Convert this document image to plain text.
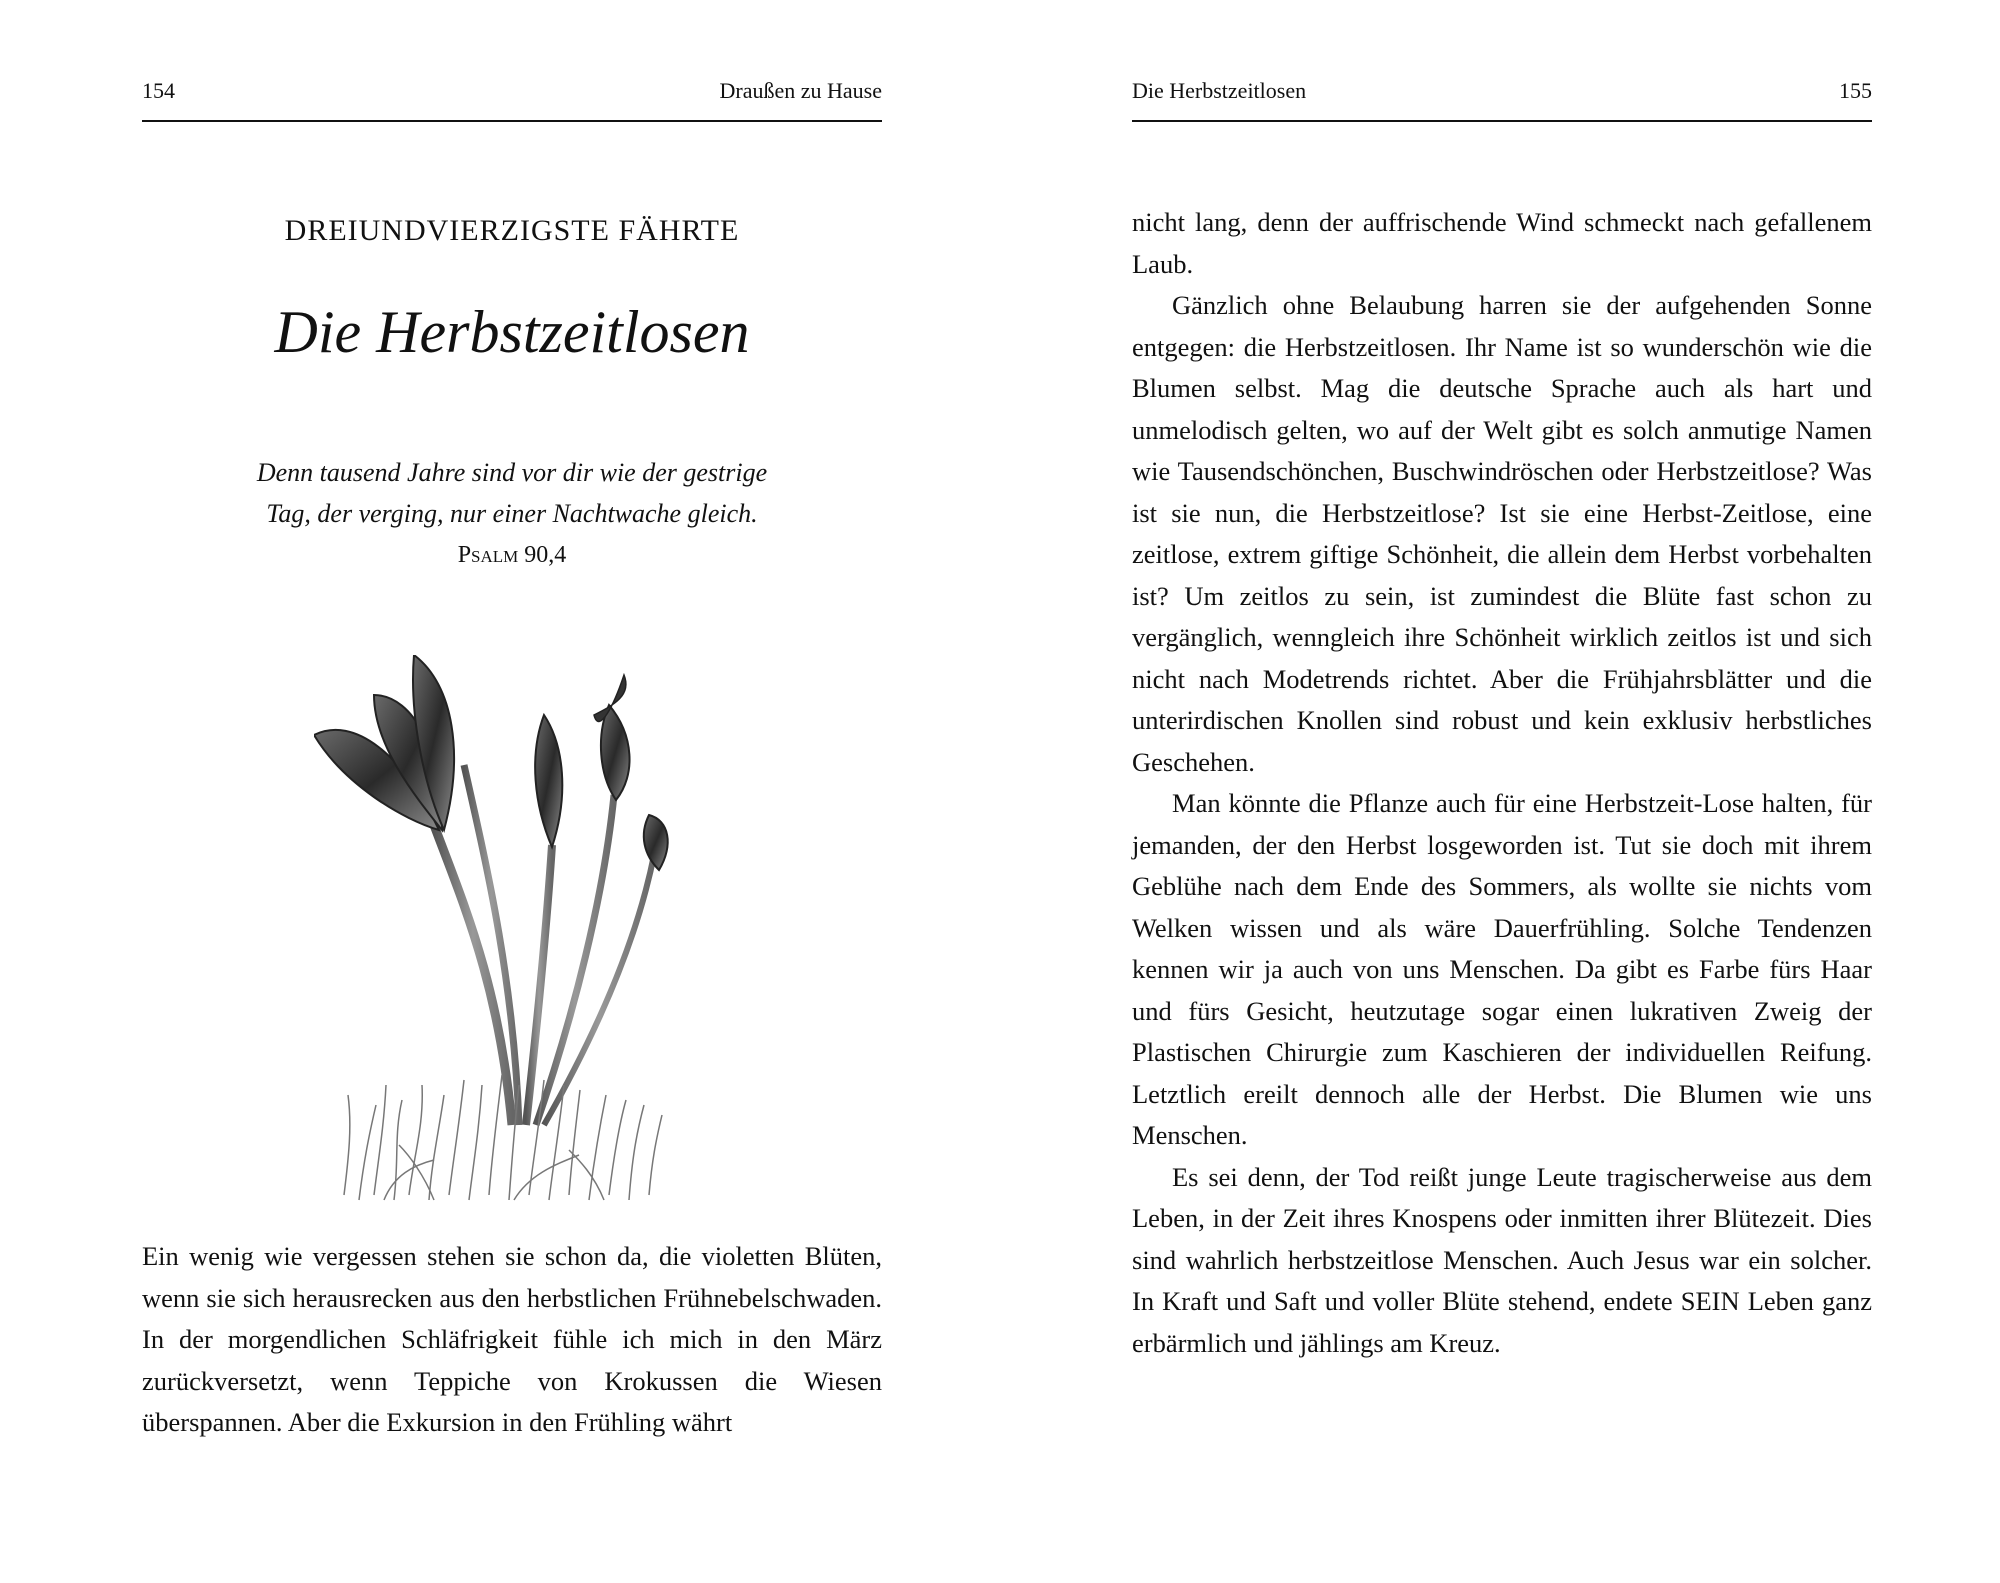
154	Draußen zu Hause
DREIUNDVIERZIGSTE FÄHRTE
Die Herbstzeitlosen
Denn tausend Jahre sind vor dir wie der gestrige
Tag, der verging, nur einer Nachtwache gleich.
Psalm 90,4

Ein wenig wie vergessen stehen sie schon da, die violetten Blüten, wenn sie sich herausrecken aus den herbstlichen Frühnebelschwaden. In der morgendlichen Schläfrigkeit fühle ich mich in den März zurückversetzt, wenn Teppiche von Krokussen die Wiesen überspannen. Aber die Exkursion in den Frühling währt

Die Herbstzeitlosen	155

nicht lang, denn der auffrischende Wind schmeckt nach gefallenem Laub.

Gänzlich ohne Belaubung harren sie der aufgehenden Sonne entgegen: die Herbstzeitlosen. Ihr Name ist so wunderschön wie die Blumen selbst. Mag die deutsche Sprache auch als hart und unmelodisch gelten, wo auf der Welt gibt es solch anmutige Namen wie Tausendschönchen, Buschwindröschen oder Herbstzeitlose? Was ist sie nun, die Herbstzeitlose? Ist sie eine Herbst-Zeitlose, eine zeitlose, extrem giftige Schönheit, die allein dem Herbst vorbehalten ist? Um zeitlos zu sein, ist zumindest die Blüte fast schon zu vergänglich, wenngleich ihre Schönheit wirklich zeitlos ist und sich nicht nach Modetrends richtet. Aber die Frühjahrsblätter und die unterirdischen Knollen sind robust und kein exklusiv herbstliches Geschehen.

Man könnte die Pflanze auch für eine Herbstzeit-Lose halten, für jemanden, der den Herbst losgeworden ist. Tut sie doch mit ihrem Geblühe nach dem Ende des Sommers, als wollte sie nichts vom Welken wissen und als wäre Dauerfrühling. Solche Tendenzen kennen wir ja auch von uns Menschen. Da gibt es Farbe fürs Haar und fürs Gesicht, heutzutage sogar einen lukrativen Zweig der Plastischen Chirurgie zum Kaschieren der individuellen Reifung. Letztlich ereilt dennoch alle der Herbst. Die Blumen wie uns Menschen.

Es sei denn, der Tod reißt junge Leute tragischerweise aus dem Leben, in der Zeit ihres Knospens oder inmitten ihrer Blütezeit. Dies sind wahrlich herbstzeitlose Menschen. Auch Jesus war ein solcher. In Kraft und Saft und voller Blüte stehend, endete SEIN Leben ganz erbärmlich und jählings am Kreuz.
